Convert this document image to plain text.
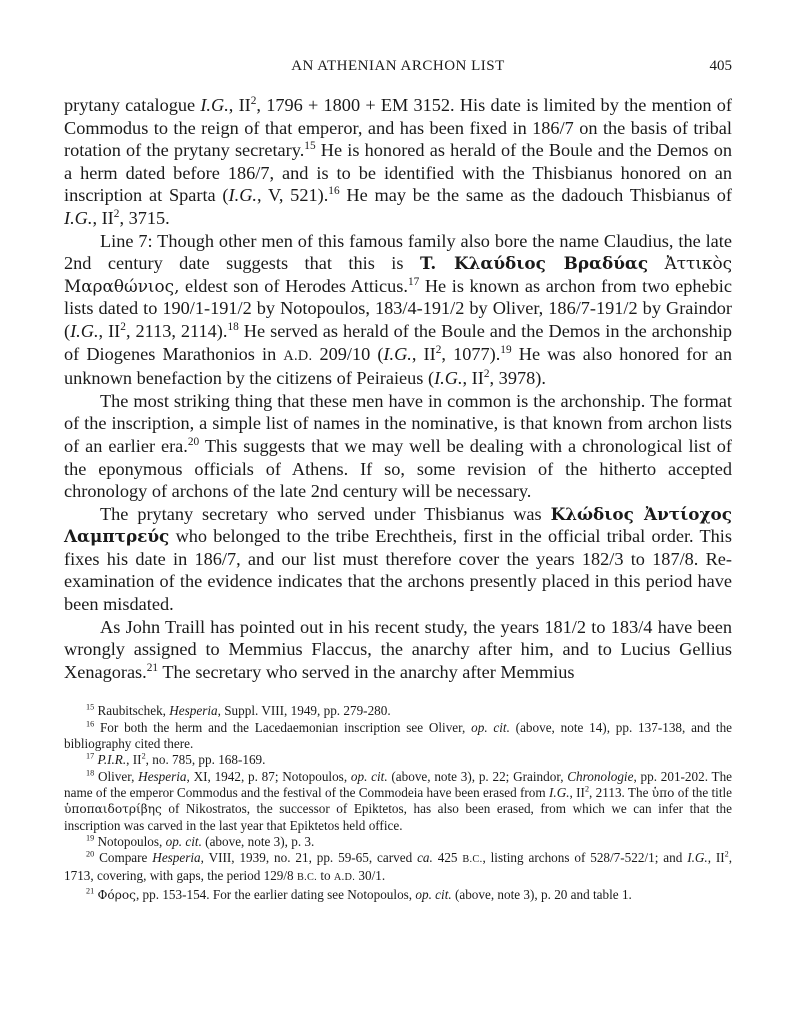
AN ATHENIAN ARCHON LIST	405

prytany catalogue I.G., $II^2$, 1796 + 1800 + EM 3152. His date is limited by the mention of Commodus to the reign of that emperor, and has been fixed in 186/7 on the basis of tribal rotation of the prytany secretary.$^{15}$ He is honored as herald of the Boule and the Demos on a herm dated before 186/7, and is to be identified with the Thisbianus honored on an inscription at Sparta (I.G., V, 521).$^{16}$ He may be the same as the dadouch Thisbianus of I.G., $II^2$, 3715.

Line 7: Though other men of this famous family also bore the name Claudius, the late 2nd century date suggests that this is T. Κλαύδιος Βραδύας Ἀττικὸς Μαραθώνιος, eldest son of Herodes Atticus.$^{17}$ He is known as archon from two ephebic lists dated to 190/1-191/2 by Notopoulos, 183/4-191/2 by Oliver, 186/7-191/2 by Graindor (I.G., $II^2$, 2113, 2114).$^{18}$ He served as herald of the Boule and the Demos in the archonship of Diogenes Marathonios in A.D. 209/10 (I.G., $II^2$, 1077).$^{19}$ He was also honored for an unknown benefaction by the citizens of Peiraieus (I.G., $II^2$, 3978).

The most striking thing that these men have in common is the archonship. The format of the inscription, a simple list of names in the nominative, is that known from archon lists of an earlier era.$^{20}$ This suggests that we may well be dealing with a chronological list of the eponymous officials of Athens. If so, some revision of the hitherto accepted chronology of archons of the late 2nd century will be necessary.

The prytany secretary who served under Thisbianus was Κλώδιος Ἀντίοχος Λαμπτρεύς who belonged to the tribe Erechtheis, first in the official tribal order. This fixes his date in 186/7, and our list must therefore cover the years 182/3 to 187/8. Re-examination of the evidence indicates that the archons presently placed in this period have been misdated.

As John Traill has pointed out in his recent study, the years 181/2 to 183/4 have been wrongly assigned to Memmius Flaccus, the anarchy after him, and to Lucius Gellius Xenagoras.$^{21}$ The secretary who served in the anarchy after Memmius

$^{15}$ Raubitschek, Hesperia, Suppl. VIII, 1949, pp. 279-280.

$^{16}$ For both the herm and the Lacedaemonian inscription see Oliver, op. cit. (above, note 14), pp. 137-138, and the bibliography cited there.

$^{17}$ P.I.R., $II^2$, no. 785, pp. 168-169.

$^{18}$ Oliver, Hesperia, XI, 1942, p. 87; Notopoulos, op. cit. (above, note 3), p. 22; Graindor, Chronologie, pp. 201-202. The name of the emperor Commodus and the festival of the Commodeia have been erased from I.G., $II^2$, 2113. The ὑπο of the title ὑποπαιδοτρίβης of Nikostratos, the successor of Epiktetos, has also been erased, from which we can infer that the inscription was carved in the last year that Epiktetos held office.

$^{19}$ Notopoulos, op. cit. (above, note 3), p. 3.

$^{20}$ Compare Hesperia, VIII, 1939, no. 21, pp. 59-65, carved ca. 425 B.C., listing archons of 528/7-522/1; and I.G., $II^2$, 1713, covering, with gaps, the period 129/8 B.C. to A.D. 30/1.

$^{21}$ Φόρος, pp. 153-154. For the earlier dating see Notopoulos, op. cit. (above, note 3), p. 20 and table 1.
